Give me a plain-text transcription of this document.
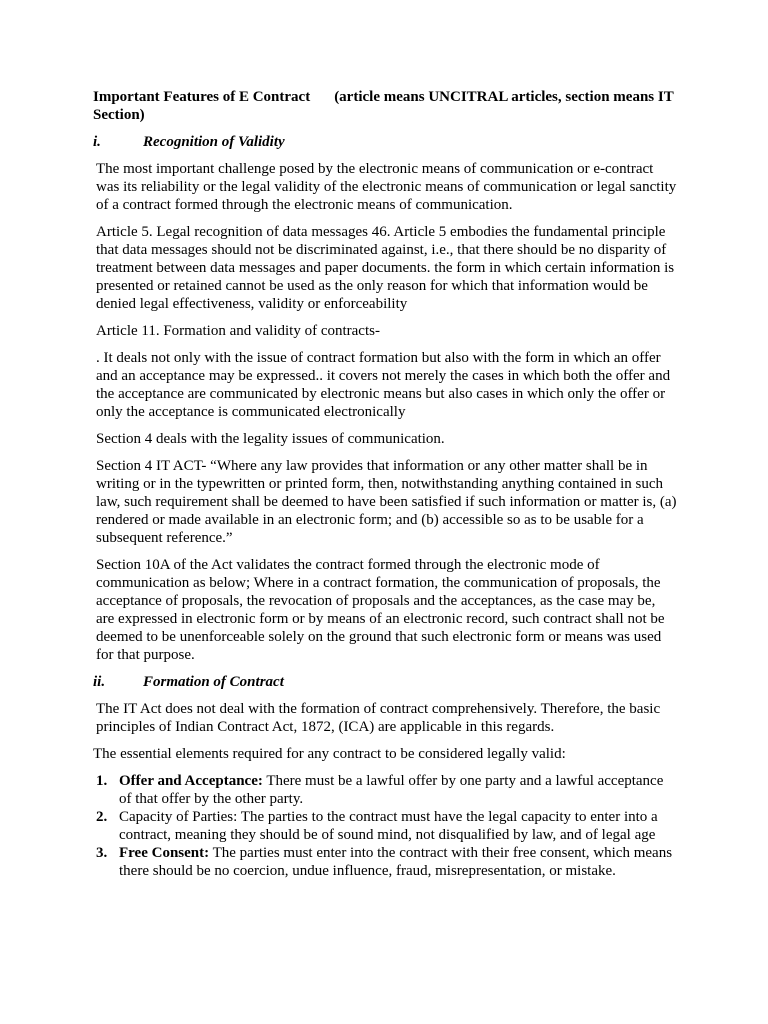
Important Features of E Contract (article means UNCITRAL articles, section means IT Section)

i.	Recognition of Validity

The most important challenge posed by the electronic means of communication or e-contract was its reliability or the legal validity of the electronic means of communication or legal sanctity of a contract formed through the electronic means of communication.

Article 5. Legal recognition of data messages 46. Article 5 embodies the fundamental principle that data messages should not be discriminated against, i.e., that there should be no disparity of treatment between data messages and paper documents. the form in which certain information is presented or retained cannot be used as the only reason for which that information would be denied legal effectiveness, validity or enforceability

Article 11. Formation and validity of contracts-

. It deals not only with the issue of contract formation but also with the form in which an offer and an acceptance may be expressed.. it covers not merely the cases in which both the offer and the acceptance are communicated by electronic means but also cases in which only the offer or only the acceptance is communicated electronically

Section 4 deals with the legality issues of communication.

Section 4 IT ACT- “Where any law provides that information or any other matter shall be in writing or in the typewritten or printed form, then, notwithstanding anything contained in such law, such requirement shall be deemed to have been satisfied if such information or matter is, (a) rendered or made available in an electronic form; and (b) accessible so as to be usable for a subsequent reference.”

Section 10A of the Act validates the contract formed through the electronic mode of communication as below; Where in a contract formation, the communication of proposals, the acceptance of proposals, the revocation of proposals and the acceptances, as the case may be, are expressed in electronic form or by means of an electronic record, such contract shall not be deemed to be unenforceable solely on the ground that such electronic form or means was used for that purpose.

ii.	Formation of Contract

The IT Act does not deal with the formation of contract comprehensively. Therefore, the basic principles of Indian Contract Act, 1872, (ICA) are applicable in this regards.

The essential elements required for any contract to be considered legally valid:

1. Offer and Acceptance: There must be a lawful offer by one party and a lawful acceptance of that offer by the other party.
2. Capacity of Parties: The parties to the contract must have the legal capacity to enter into a contract, meaning they should be of sound mind, not disqualified by law, and of legal age
3. Free Consent: The parties must enter into the contract with their free consent, which means there should be no coercion, undue influence, fraud, misrepresentation, or mistake.
